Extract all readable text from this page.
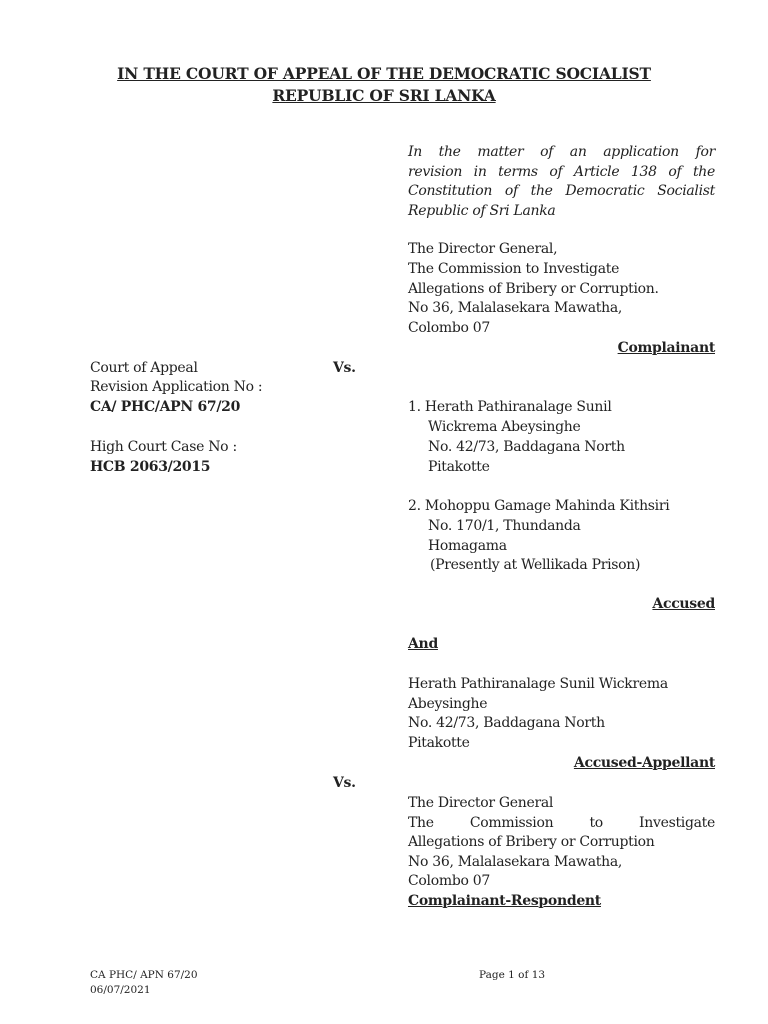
IN THE COURT OF APPEAL OF THE DEMOCRATIC SOCIALIST
REPUBLIC OF SRI LANKA
In the matter of an application for
revision in terms of Article 138 of the
Constitution of the Democratic Socialist
Republic of Sri Lanka
The Director General,
The Commission to Investigate
Allegations of Bribery or Corruption.
No 36, Malalasekara Mawatha,
Colombo 07
Complainant
Court of Appeal	Vs.
Revision Application No :
CA/ PHC/APN 67/20
High Court Case No :
HCB 2063/2015
1. Herath Pathiranalage Sunil
Wickrema Abeysinghe
No. 42/73, Baddagana North
Pitakotte
2. Mohoppu Gamage Mahinda Kithsiri
No. 170/1, Thundanda
Homagama
(Presently at Wellikada Prison)
Accused
And
Herath Pathiranalage Sunil Wickrema
Abeysinghe
No. 42/73, Baddagana North
Pitakotte
Accused-Appellant
Vs.
The Director General
The Commission to Investigate
Allegations of Bribery or Corruption
No 36, Malalasekara Mawatha,
Colombo 07
Complainant-Respondent
CA PHC/ APN 67/20
06/07/2021
Page 1 of 13
